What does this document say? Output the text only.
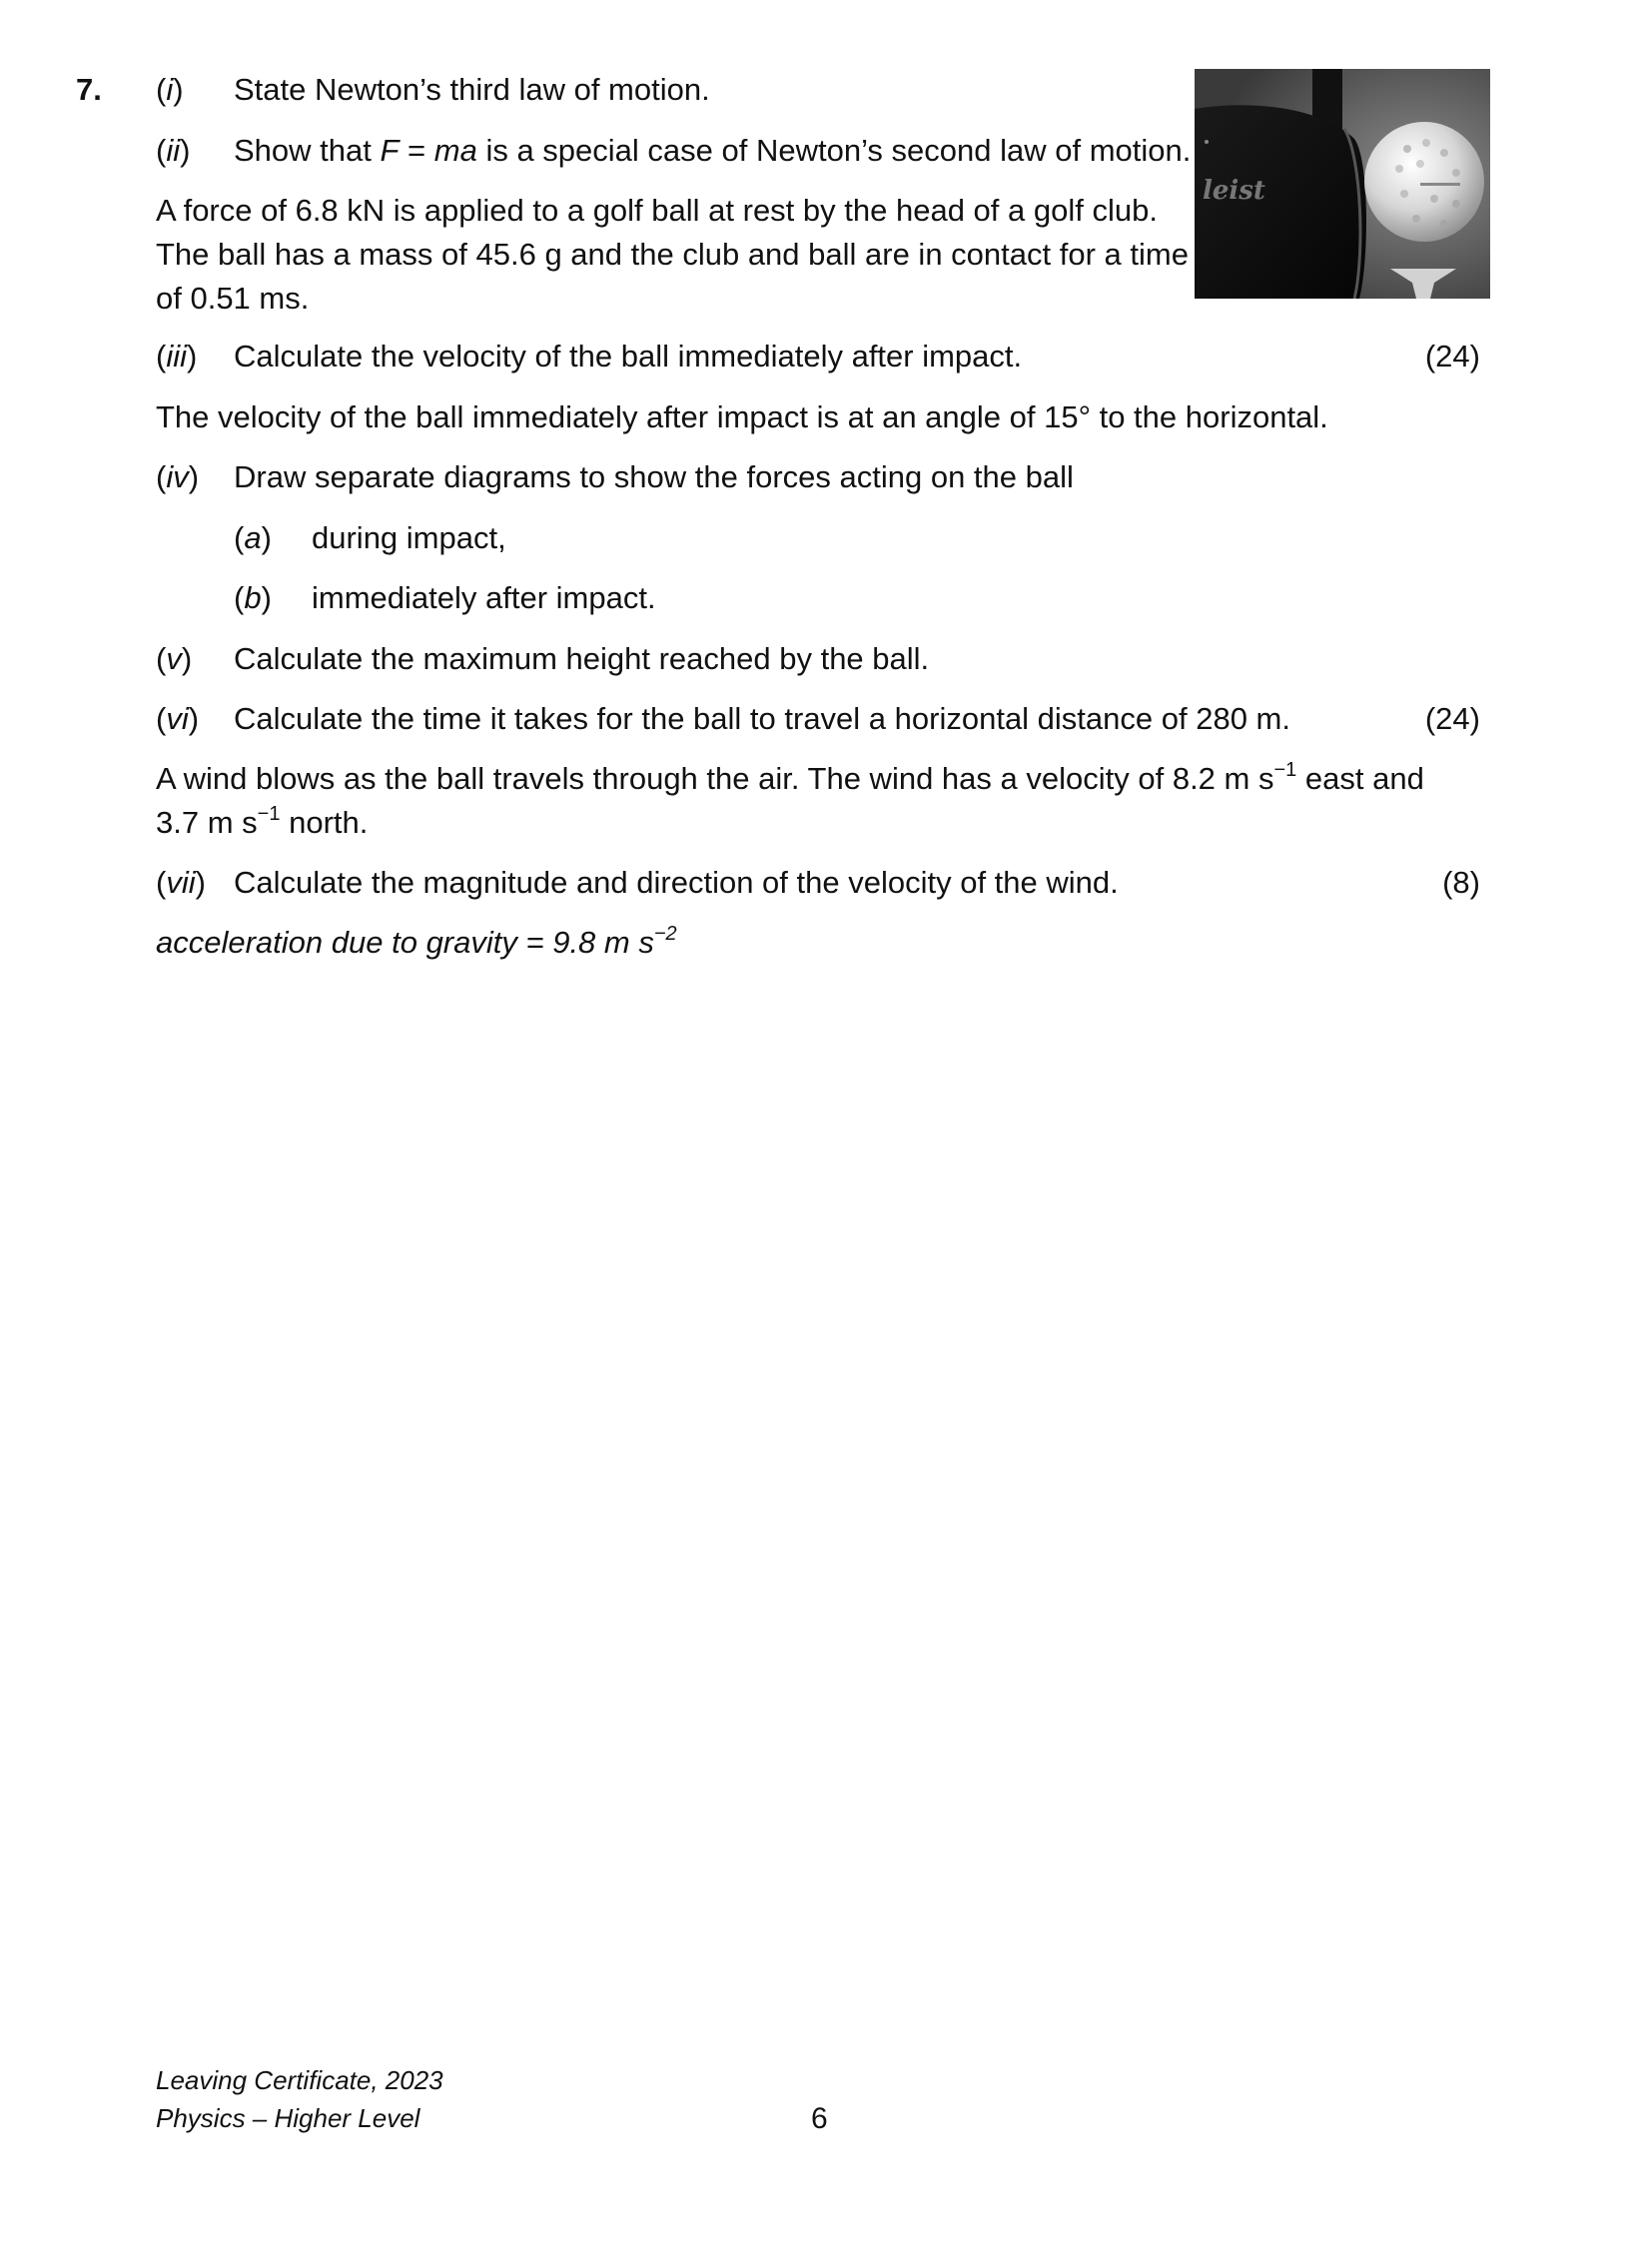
7. (i) State Newton’s third law of motion.
(ii) Show that F = ma is a special case of Newton’s second law of motion.
A force of 6.8 kN is applied to a golf ball at rest by the head of a golf club.
The ball has a mass of 45.6 g and the club and ball are in contact for a time
of 0.51 ms.
leist
(iii) Calculate the velocity of the ball immediately after impact.	(24)
The velocity of the ball immediately after impact is at an angle of 15° to the horizontal.
(iv) Draw separate diagrams to show the forces acting on the ball
(a) during impact,
(b) immediately after impact.
(v) Calculate the maximum height reached by the ball.
(vi) Calculate the time it takes for the ball to travel a horizontal distance of 280 m.	(24)
A wind blows as the ball travels through the air. The wind has a velocity of 8.2 m $s^{-1}$ east and
3.7 m $s^{-1}$ north.
(vii) Calculate the magnitude and direction of the velocity of the wind.	(8)
acceleration due to gravity = 9.8 m $s^{-2}$
Leaving Certificate, 2023
Physics – Higher Level	6
